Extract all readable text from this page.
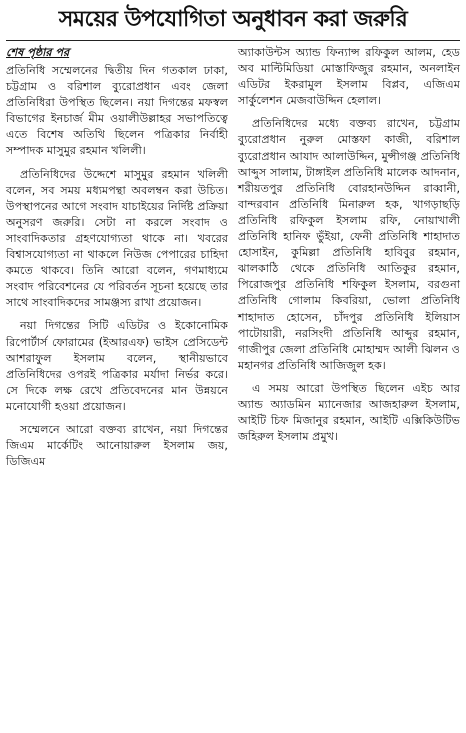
সময়ের উপযোগিতা অনুধাবন করা জরুরি
শেষ পৃষ্ঠার পর

প্রতিনিধি সম্মেলনের দ্বিতীয় দিন গতকাল ঢাকা, চট্টগ্রাম ও বরিশাল ব্যুরোপ্রধান এবং জেলা প্রতিনিধিরা উপস্থিত ছিলেন। নয়া দিগন্তের মফস্বল বিভাগের ইনচার্জ মীম ওয়ালীউল্লাহর সভাপতিত্বে এতে বিশেষ অতিথি ছিলেন পত্রিকার নির্বাহী সম্পাদক মাসুমুর রহমান খলিলী।

প্রতিনিধিদের উদ্দেশে মাসুমুর রহমান খলিলী বলেন, সব সময় মধ্যমপন্থা অবলম্বন করা উচিত। উপস্থাপনের আগে সংবাদ যাচাইয়ের নির্দিষ্ট প্রক্রিয়া অনুসরণ জরুরি। সেটা না করলে সংবাদ ও সাংবাদিকতার গ্রহণযোগ্যতা থাকে না। খবরের বিশ্বাসযোগ্যতা না থাকলে নিউজ পেপারের চাহিদা কমতে থাকবে। তিনি আরো বলেন, গণমাধ্যমে সংবাদ পরিবেশনের যে পরিবর্তন সূচনা হয়েছে তার সাথে সাংবাদিকদের সামঞ্জস্য রাখা প্রয়োজন।

নয়া দিগন্তের সিটি এডিটর ও ইকোনোমিক রিপোর্টার্স ফোরামের (ইআরএফ) ভাইস প্রেসিডেন্ট আশরাফুল ইসলাম বলেন, স্থানীয়ভাবে প্রতিনিধিদের ওপরই পত্রিকার মর্যাদা নির্ভর করে। সে দিকে লক্ষ রেখে প্রতিবেদনের মান উন্নয়নে মনোযোগী হওয়া প্রয়োজন।

সম্মেলনে আরো বক্তব্য রাখেন, নয়া দিগন্তের জিএম মার্কেটিং আনোয়ারুল ইসলাম জয়, ডিজিএম

অ্যাকাউন্টস অ্যান্ড ফিন্যান্স রফিকুল আলম, হেড অব মাল্টিমিডিয়া মোস্তাফিজুর রহমান, অনলাইন এডিটর ইকরামুল ইসলাম বিপ্লব, এজিএম সার্কুলেশন মেজবাউদ্দিন হেলাল।

প্রতিনিধিদের মধ্যে বক্তব্য রাখেন, চট্টগ্রাম ব্যুরোপ্রধান নুরুল মোস্তফা কাজী, বরিশাল ব্যুরোপ্রধান আযাদ আলাউদ্দিন, মুন্সীগঞ্জ প্রতিনিধি আব্দুস সালাম, টাঙ্গাইল প্রতিনিধি মালেক আদনান, শরীয়তপুর প্রতিনিধি বোরহানউদ্দিন রাব্বানী, বান্দরবান প্রতিনিধি মিনারুল হক, খাগড়াছড়ি প্রতিনিধি রফিকুল ইসলাম রফি, নোয়াখালী প্রতিনিধি হানিফ ভুঁইয়া, ফেনী প্রতিনিধি শাহাদাত হোসাইন, কুমিল্লা প্রতিনিধি হাবিবুর রহমান, ঝালকাঠি থেকে প্রতিনিধি আতিকুর রহমান, পিরোজপুর প্রতিনিধি শফিকুল ইসলাম, বরগুনা প্রতিনিধি গোলাম কিবরিয়া, ভোলা প্রতিনিধি শাহাদাত হোসেন, চাঁদপুর প্রতিনিধি ইলিয়াস পাটোয়ারী, নরসিংদী প্রতিনিধি আব্দুর রহমান, গাজীপুর জেলা প্রতিনিধি মোহাম্মদ আলী ঝিলন ও মহানগর প্রতিনিধি আজিজুল হক।

এ সময় আরো উপস্থিত ছিলেন এইচ আর অ্যান্ড অ্যাডমিন ম্যানেজার আজহারুল ইসলাম, আইটি চিফ মিজানুর রহমান, আইটি এক্সিকিউটিভ জহিরুল ইসলাম প্রমুখ।
